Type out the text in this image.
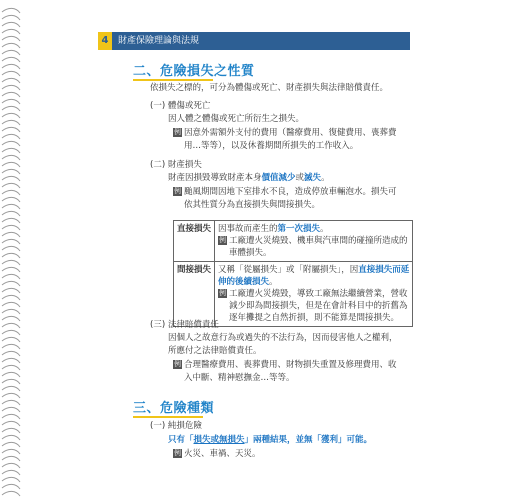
4	財產保險理論與法規
二、危險損失之性質
依損失之標的，可分為體傷或死亡、財產損失與法律賠償責任。
(一) 體傷或死亡
因人體之體傷或死亡所衍生之損失。
例 因意外需額外支付的費用（醫療費用、復健費用、喪葬費
用…等等），以及休養期間所損失的工作收入。
(二) 財產損失
財產因損毀導致財產本身價值減少或滅失。
例 颱風期間因地下室排水不良，造成停放車輛泡水。損失可
依其性質分為直接損失與間接損失。
直接損失	因事故而產生的第一次損失。
例 工廠遭火災燒毀、機車與汽車間的碰撞所造成的
車體損失。

間接損失	又稱「從屬損失」或「附屬損失」，因直接損失而延
伸的後續損失。
例 工廠遭火災燒毀，導致工廠無法繼續營業，營收
減少即為間接損失，但是在會計科目中的折舊為
逐年攤提之自然折損，則不能算是間接損失。
(三) 法律賠償責任
因個人之故意行為或過失的不法行為，因而侵害他人之權利，
所應付之法律賠償責任。
例 合理醫療費用、喪葬費用、財物損失重置及修理費用、收
入中斷、精神慰撫金…等等。
三、危險種類
(一) 純損危險
只有「損失或無損失」兩種結果，並無「獲利」可能。
例 火災、車禍、天災。
